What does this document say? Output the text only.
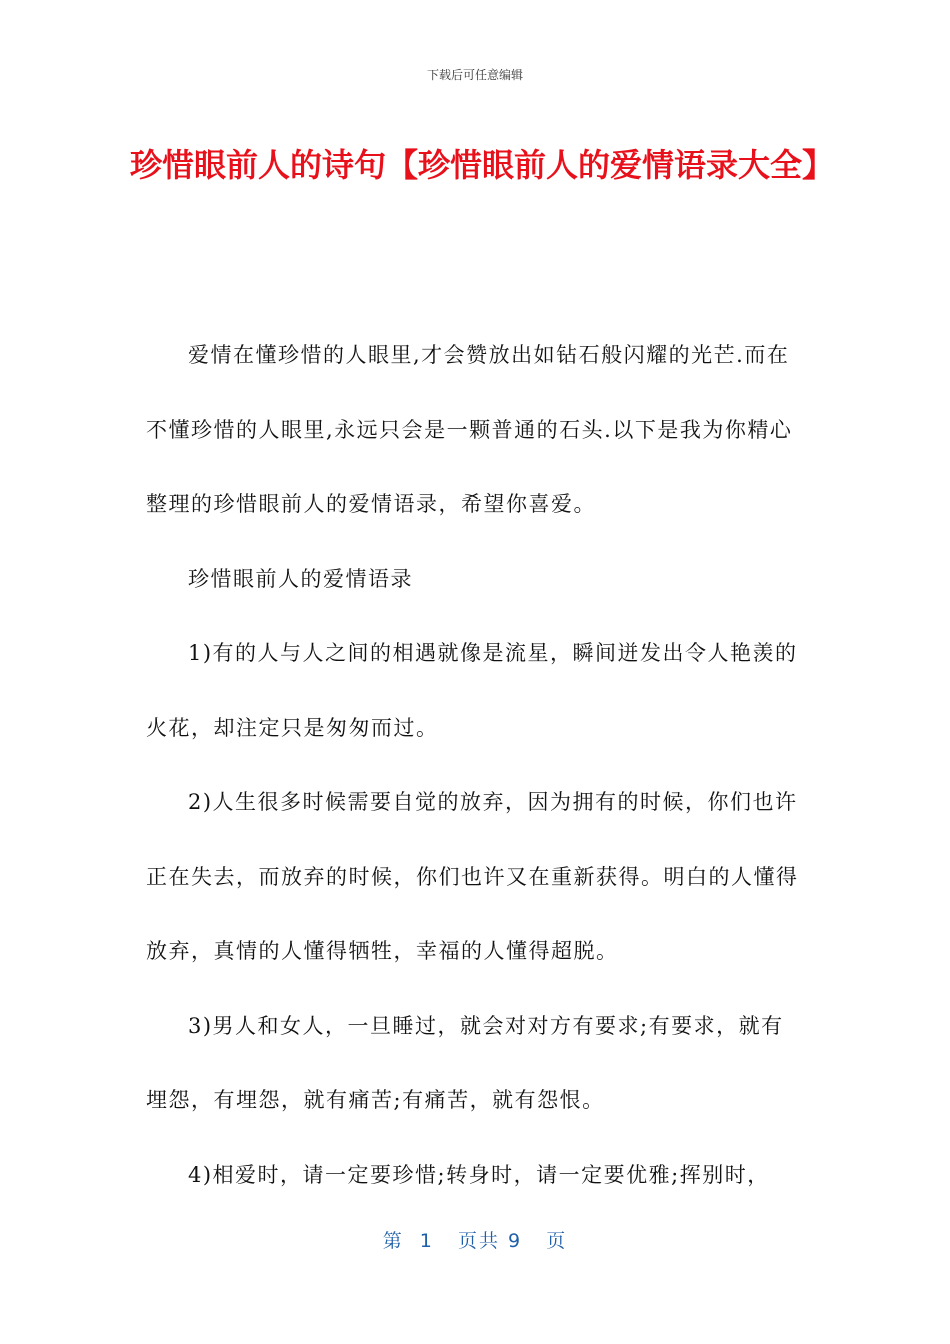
下载后可任意编辑
珍惜眼前人的诗句【珍惜眼前人的爱情语录大全】

爱情在懂珍惜的人眼里,才会赞放出如钻石般闪耀的光芒.而在不懂珍惜的人眼里,永远只会是一颗普通的石头.以下是我为你精心整理的珍惜眼前人的爱情语录，希望你喜爱。

珍惜眼前人的爱情语录

1)有的人与人之间的相遇就像是流星，瞬间迸发出令人艳羡的火花，却注定只是匆匆而过。

2)人生很多时候需要自觉的放弃，因为拥有的时候，你们也许正在失去，而放弃的时候，你们也许又在重新获得。明白的人懂得放弃，真情的人懂得牺牲，幸福的人懂得超脱。

3)男人和女人，一旦睡过，就会对对方有要求;有要求，就有埋怨，有埋怨，就有痛苦;有痛苦，就有怨恨。

4)相爱时，请一定要珍惜;转身时，请一定要优雅;挥别时，

第  1   页共 9   页
